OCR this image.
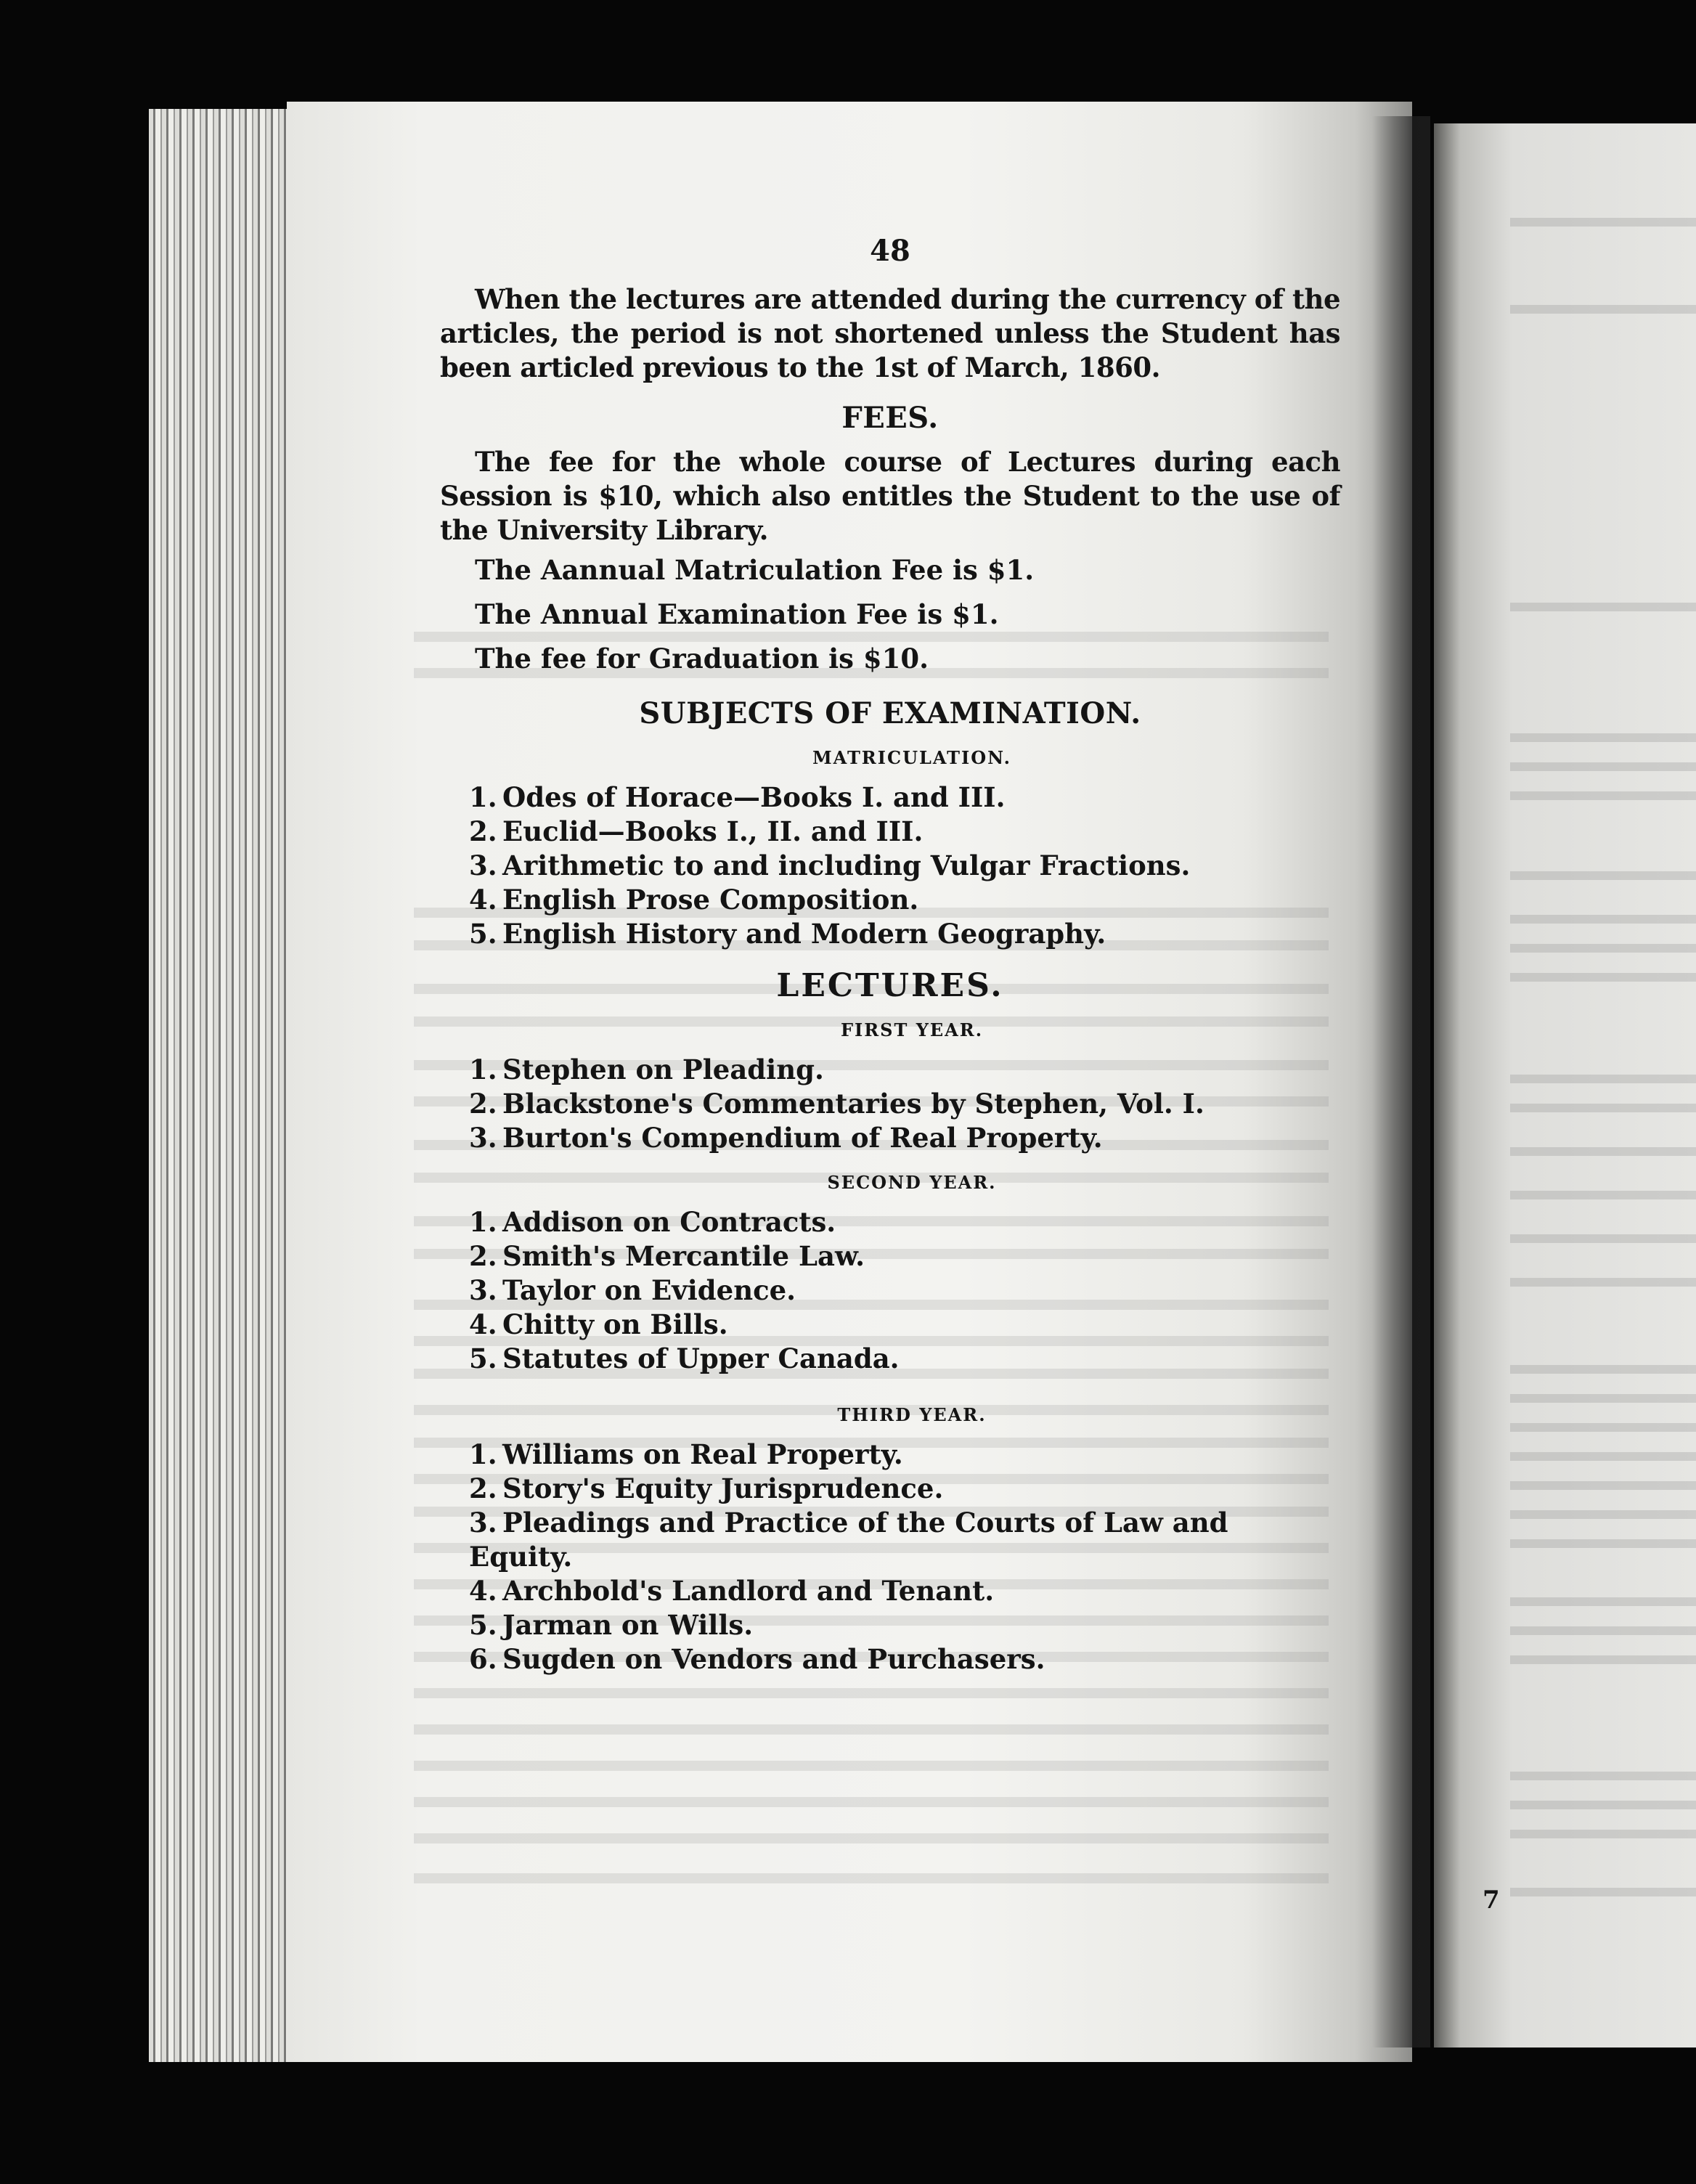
7
48

When the lectures are attended during the currency of the articles, the period is not shortened unless the Student has been articled previous to the 1st of March, 1860.

FEES.

The fee for the whole course of Lectures during each Session is $10, which also entitles the Student to the use of the University Library.

The Aannual Matriculation Fee is $1.

The Annual Examination Fee is $1.

The fee for Graduation is $10.

SUBJECTS OF EXAMINATION.
MATRICULATION.
1. Odes of Horace—Books I. and III.
2. Euclid—Books I., II. and III.
3. Arithmetic to and including Vulgar Fractions.
4. English Prose Composition.
5. English History and Modern Geography.
LECTURES.
FIRST YEAR.
1. Stephen on Pleading.
2. Blackstone's Commentaries by Stephen, Vol. I.
3. Burton's Compendium of Real Property.
SECOND YEAR.
1. Addison on Contracts.
2. Smith's Mercantile Law.
3. Taylor on Evidence.
4. Chitty on Bills.
5. Statutes of Upper Canada.
THIRD YEAR.
1. Williams on Real Property.
2. Story's Equity Jurisprudence.
3. Pleadings and Practice of the Courts of Law and Equity.
4. Archbold's Landlord and Tenant.
5. Jarman on Wills.
6. Sugden on Vendors and Purchasers.
